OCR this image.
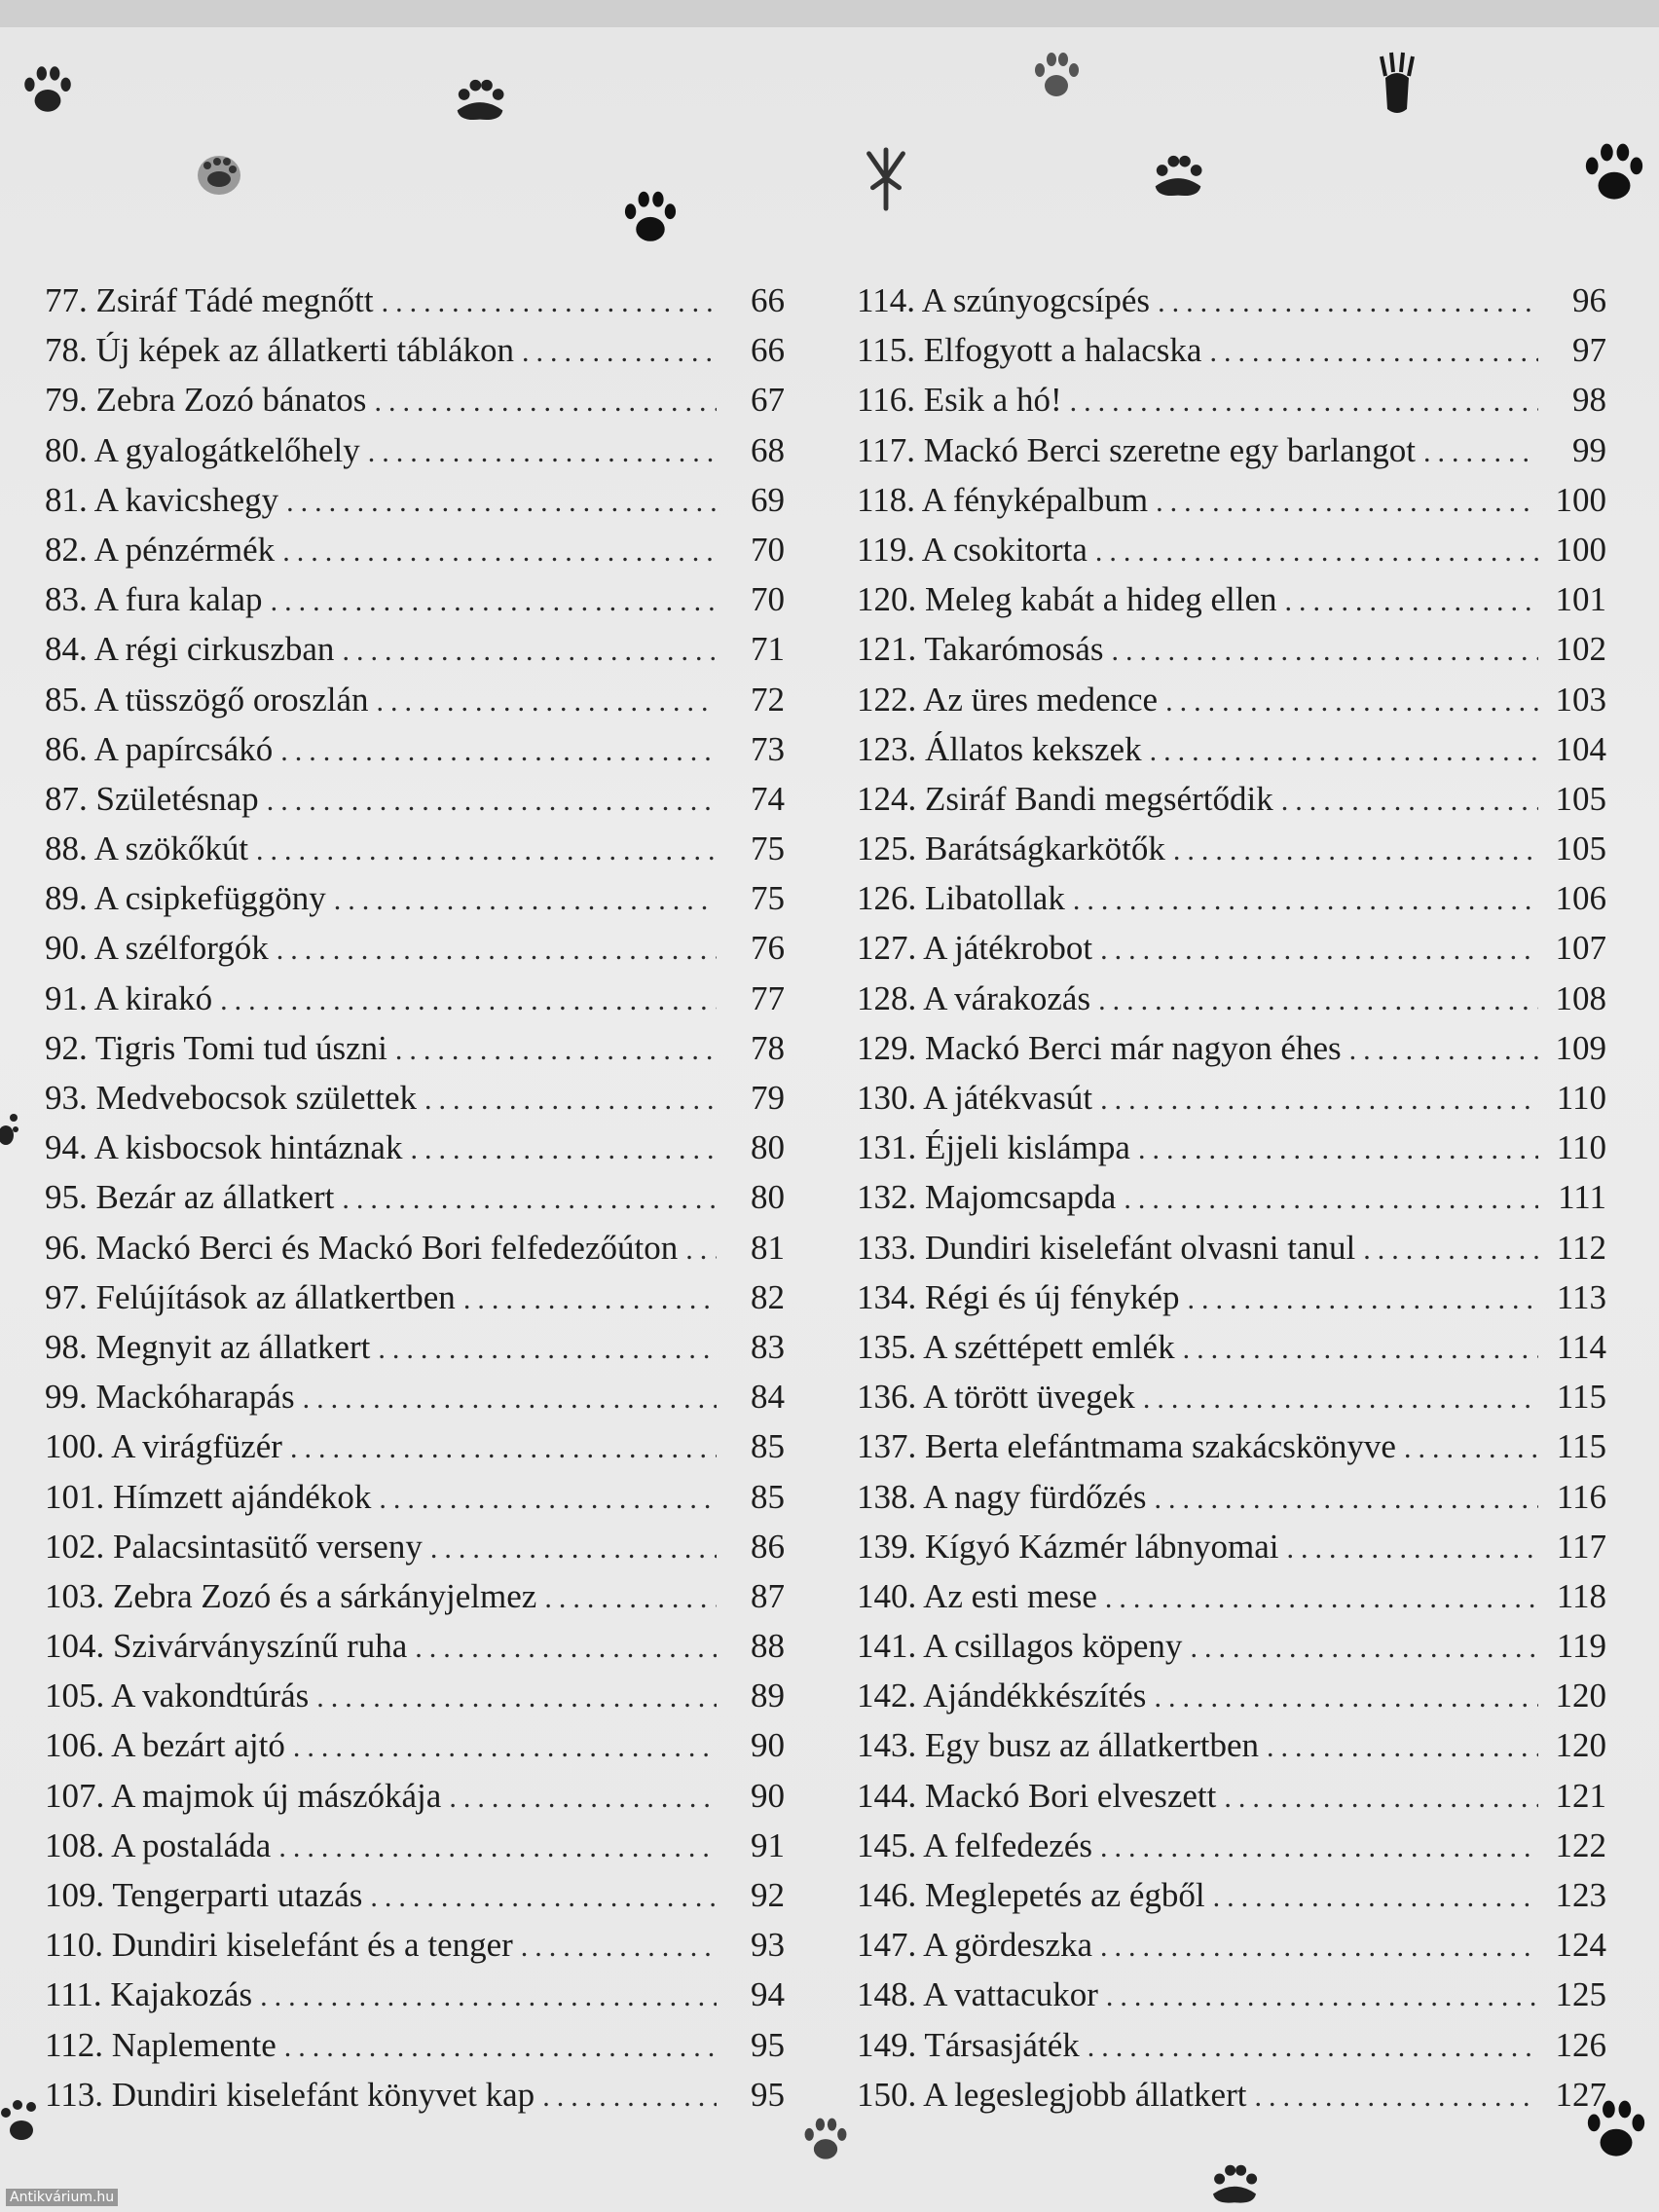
77. Zsiráf Tádé megnőtt .....	66
78. Új képek az állatkerti táblákon .....	66
79. Zebra Zozó bánatos .....	67
80. A gyalogátkelőhely .....	68
81. A kavicshegy .....	69
82. A pénzérmék .....	70
83. A fura kalap .....	70
84. A régi cirkuszban .....	71
85. A tüsszögő oroszlán .....	72
86. A papírcsákó .....	73
87. Születésnap .....	74
88. A szökőkút .....	75
89. A csipkefüggöny .....	75
90. A szélforgók .....	76
91. A kirakó .....	77
92. Tigris Tomi tud úszni .....	78
93. Medvebocsok születtek .....	79
94. A kisbocsok hintáznak .....	80
95. Bezár az állatkert .....	80
96. Mackó Berci és Mackó Bori felfedezőúton .....	81
97. Felújítások az állatkertben .....	82
98. Megnyit az állatkert .....	83
99. Mackóharapás .....	84
100. A virágfüzér .....	85
101. Hímzett ajándékok .....	85
102. Palacsintasütő verseny .....	86
103. Zebra Zozó és a sárkányjelmez .....	87
104. Szivárványszínű ruha .....	88
105. A vakondtúrás .....	89
106. A bezárt ajtó .....	90
107. A majmok új mászókája .....	90
108. A postaláda .....	91
109. Tengerparti utazás .....	92
110. Dundiri kiselefánt és a tenger .....	93
111. Kajakozás .....	94
112. Naplemente .....	95
113. Dundiri kiselefánt könyvet kap .....	95
114. A szúnyogcsípés .....	96
115. Elfogyott a halacska .....	97
116. Esik a hó! .....	98
117. Mackó Berci szeretne egy barlangot .....	99
118. A fényképalbum .....	100
119. A csokitorta .....	100
120. Meleg kabát a hideg ellen .....	101
121. Takarómosás .....	102
122. Az üres medence .....	103
123. Állatos kekszek .....	104
124. Zsiráf Bandi megsértődik .....	105
125. Barátságkarkötők .....	105
126. Libatollak .....	106
127. A játékrobot .....	107
128. A várakozás .....	108
129. Mackó Berci már nagyon éhes .....	109
130. A játékvasút .....	110
131. Éjjeli kislámpa .....	110
132. Majomcsapda .....	111
133. Dundiri kiselefánt olvasni tanul .....	112
134. Régi és új fénykép .....	113
135. A széttépett emlék .....	114
136. A törött üvegek .....	115
137. Berta elefántmama szakácskönyve .....	115
138. A nagy fürdőzés .....	116
139. Kígyó Kázmér lábnyomai .....	117
140. Az esti mese .....	118
141. A csillagos köpeny .....	119
142. Ajándékkészítés .....	120
143. Egy busz az állatkertben .....	120
144. Mackó Bori elveszett .....	121
145. A felfedezés .....	122
146. Meglepetés az égből .....	123
147. A gördeszka .....	124
148. A vattacukor .....	125
149. Társasjáték .....	126
150. A legeslegjobb állatkert .....	127
Antikvárium.hu
